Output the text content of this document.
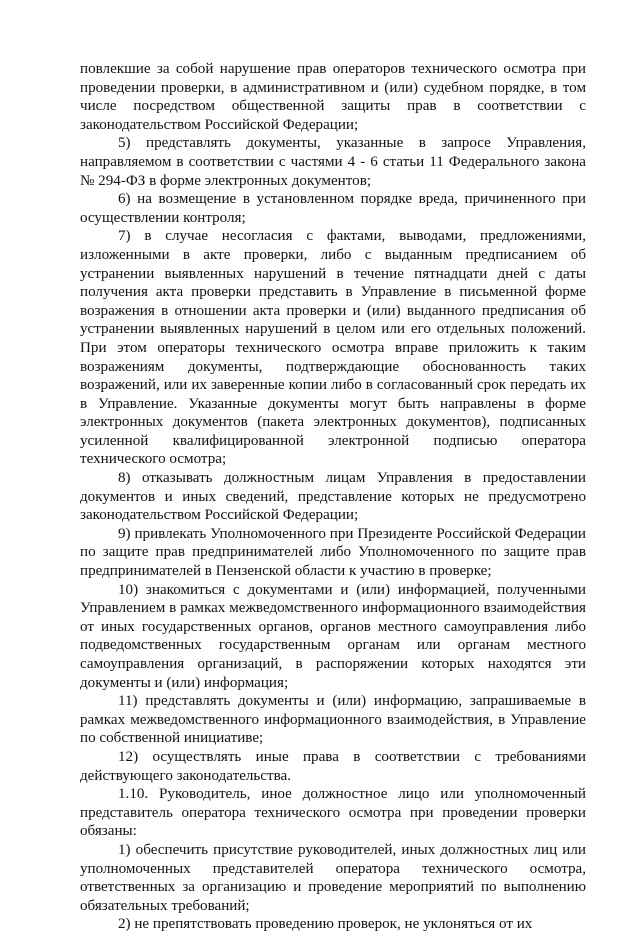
повлекшие за собой нарушение прав операторов технического осмотра при проведении проверки, в административном и (или) судебном порядке, в том числе посредством общественной защиты прав в соответствии с законодательством Российской Федерации;

5) представлять документы, указанные в запросе Управления, направляемом в соответствии с частями 4 - 6 статьи 11 Федерального закона № 294-ФЗ в форме электронных документов;

6) на возмещение в установленном порядке вреда, причиненного при осуществлении контроля;

7) в случае несогласия с фактами, выводами, предложениями, изложенными в акте проверки, либо с выданным предписанием об устранении выявленных нарушений в течение пятнадцати дней с даты получения акта проверки представить в Управление в письменной форме возражения в отношении акта проверки и (или) выданного предписания об устранении выявленных нарушений в целом или его отдельных положений. При этом операторы технического осмотра вправе приложить к таким возражениям документы, подтверждающие обоснованность таких возражений, или их заверенные копии либо в согласованный срок передать их в Управление. Указанные документы могут быть направлены в форме электронных документов (пакета электронных документов), подписанных усиленной квалифицированной электронной подписью оператора технического осмотра;

8) отказывать должностным лицам Управления в предоставлении документов и иных сведений, представление которых не предусмотрено законодательством Российской Федерации;

9) привлекать Уполномоченного при Президенте Российской Федерации по защите прав предпринимателей либо Уполномоченного по защите прав предпринимателей в Пензенской области к участию в проверке;

10) знакомиться с документами и (или) информацией, полученными Управлением в рамках межведомственного информационного взаимодействия от иных государственных органов, органов местного самоуправления либо подведомственных государственным органам или органам местного самоуправления организаций, в распоряжении которых находятся эти документы и (или) информация;

11) представлять документы и (или) информацию, запрашиваемые в рамках межведомственного информационного взаимодействия, в Управление по собственной инициативе;

12) осуществлять иные права в соответствии с требованиями действующего законодательства.

1.10. Руководитель, иное должностное лицо или уполномоченный представитель оператора технического осмотра при проведении проверки обязаны:

1) обеспечить присутствие руководителей, иных должностных лиц или уполномоченных представителей оператора технического осмотра, ответственных за организацию и проведение мероприятий по выполнению обязательных требований;

2) не препятствовать проведению проверок, не уклоняться от их
